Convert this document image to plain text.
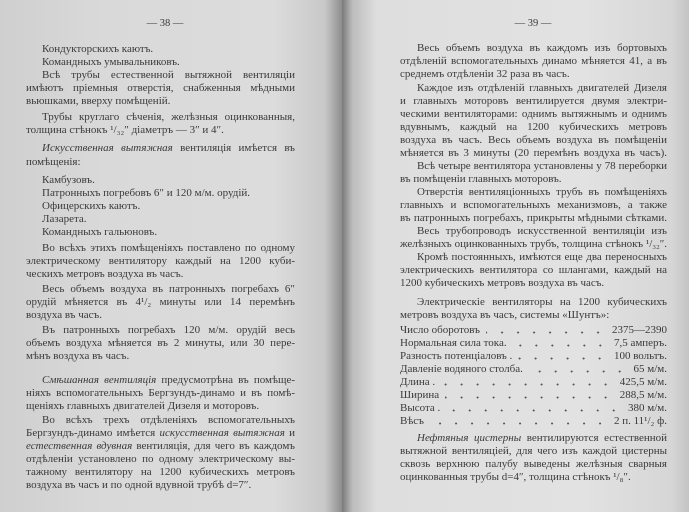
— 38 —	— 39 —
Кондукторскихъ каютъ.
Командныхъ умывальниковъ.
Всѣ трубы естественной вытяжной вентиляціи
имѣютъ пріемныя отверстія, снабженныя мѣдными
вьюшками, вверху помѣщеній.
Трубы круглаго сѣченія, желѣзныя оцинкованныя,
толщина стѣнокъ ¹/₃₂″ діаметръ — 3″ и 4″.
Искусственная вытяжная вентиляція имѣется въ
помѣщенія:
Камбузовъ.
Патронныхъ погребовъ 6″ и 120 м/м. орудій.
Офицерскихъ каютъ.
Лазарета.
Командныхъ гальюновъ.
Во всѣхъ этихъ помѣщеніяхъ поставлено по одному
электрическому вентилятору каждый на 1200 куби-
ческихъ метровъ воздуха въ часъ.
Весь объемъ воздуха въ патронныхъ погребахъ 6″
орудій мѣняется въ 4¹/₂ минуты или 14 перемѣнъ
воздуха въ часъ.
Въ патронныхъ погребахъ 120 м/м. орудій весь
объемъ воздуха мѣняется въ 2 минуты, или 30 пере-
мѣнъ воздуха въ часъ.
Смѣшанная вентиляція предусмотрѣна въ помѣще-
ніяхъ вспомогательныхъ Бергзундъ-динамо и въ помѣ-
щеніяхъ главныхъ двигателей Дизеля и моторовъ.
Во всѣхъ трехъ отдѣленіяхъ вспомогательныхъ
Бергзундъ-динамо имѣется искусственная вытяжная и
естественная вдувная вентиляція, для чего въ каждомъ
отдѣленіи установлено по одному электрическому вы-
тажному вентилятору на 1200 кубическихъ метровъ
воздуха въ часъ и по одной вдувной трубѣ d=7″.
Весь объемъ воздуха въ каждомъ изъ бортовыхъ
отдѣленій вспомогательныхъ динамо мѣняется 41, а въ
среднемъ отдѣленіи 32 раза въ часъ.
Каждое изъ отдѣленій главныхъ двигателей Дизеля
и главныхъ моторовъ вентилируется двумя электри-
ческими вентиляторами: однимъ вытяжнымъ и однимъ
вдувнымъ, каждый на 1200 кубическихъ метровъ
воздуха въ часъ. Весь объемъ воздуха въ помѣщеніи
мѣняется въ 3 минуты (20 перемѣнъ воздуха въ часъ).
Всѣ четыре вентилятора установлены у 78 переборки
въ помѣщеніи главныхъ моторовъ.
Отверстія вентиляціонныхъ трубъ въ помѣщеніяхъ
главныхъ и вспомогательныхъ механизмовъ, а также
въ патронныхъ погребахъ, прикрыты мѣдными сѣтками.
Весь трубопроводъ искусственной вентиляціи изъ
желѣзныхъ оцинкованныхъ трубъ, толщина стѣнокъ ¹/₃₂″.
Кромѣ постоянныхъ, имѣются еще два переносныхъ
электрическихъ вентилятора со шлангами, каждый на
1200 кубическихъ метровъ воздуха въ часъ.
Электрическіе вентиляторы на 1200 кубическихъ
метровъ воздуха въ часъ, системы «Шунтъ»:
Нефтяныя цистерны вентилируются естественной
вытяжной вентиляціей, для чего изъ каждой цистерны
сквозь верхнюю палубу выведены желѣзныя сварныя
оцинкованныя трубы d=4″, толщина стѣнокъ ¹/₈″.
Число оборотовъ	2375—2390
Нормальная сила тока.	7,5 амперъ.
Разность потенціаловъ .	100 вольтъ.
Давленіе водяного столба.	65 м/м.
Длина .	425,5 м/м.
Ширина	288,5 м/м.
Высота .	380 м/м.
Вѣсъ	2 п. 11¹/₂ ф.
